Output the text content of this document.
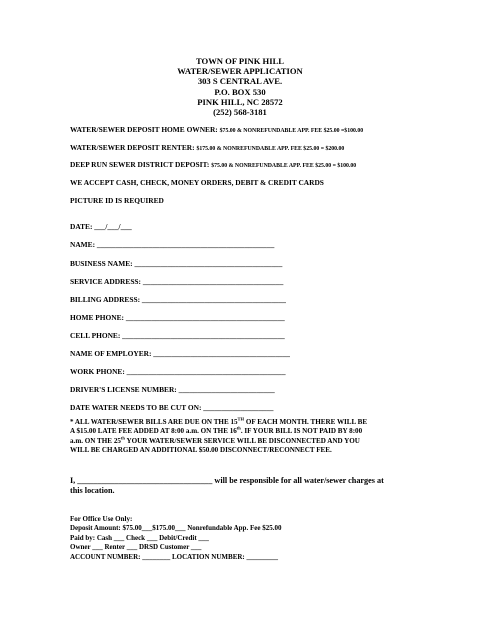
TOWN OF PINK HILL
WATER/SEWER APPLICATION
303 S CENTRAL AVE.
P.O. BOX 530
PINK HILL, NC 28572
(252) 568-3181
WATER/SEWER DEPOSIT HOME OWNER: $75.00 & NONREFUNDABLE APP. FEE $25.00 =$100.00
WATER/SEWER DEPOSIT RENTER: $175.00 & NONREFUNDABLE APP. FEE $25.00 = $200.00
DEEP RUN SEWER DISTRICT DEPOSIT: $75.00 & NONREFUNDABLE APP. FEE $25.00 = $100.00
WE ACCEPT CASH, CHECK, MONEY ORDERS, DEBIT & CREDIT CARDS
PICTURE ID IS REQUIRED
DATE: ___/___/___
NAME: ________________________________________________
BUSINESS NAME: ________________________________________
SERVICE ADDRESS: ______________________________________
BILLING ADDRESS: _______________________________________
HOME PHONE: ___________________________________________
CELL PHONE: ____________________________________________
NAME OF EMPLOYER: _____________________________________
WORK PHONE: ___________________________________________
DRIVER'S LICENSE NUMBER: __________________________
DATE WATER NEEDS TO BE CUT ON: ___________________
* ALL WATER/SEWER BILLS ARE DUE ON THE 15TH OF EACH MONTH. THERE WILL BE
A $15.00 LATE FEE ADDED AT 8:00 a.m. ON THE 16th. IF YOUR BILL IS NOT PAID BY 8:00
a.m. ON THE 25th YOUR WATER/SEWER SERVICE WILL BE DISCONNECTED AND YOU
WILL BE CHARGED AN ADDITIONAL $50.00 DISCONNECT/RECONNECT FEE.
I, _________________________________ will be responsible for all water/sewer charges at
this location.
For Office Use Only:
Deposit Amount: $75.00___$175.00___ Nonrefundable App. Fee $25.00
Paid by: Cash ___ Check ___ Debit/Credit ___
Owner ___ Renter ___ DRSD Customer ___
ACCOUNT NUMBER: ________ LOCATION NUMBER: _________
